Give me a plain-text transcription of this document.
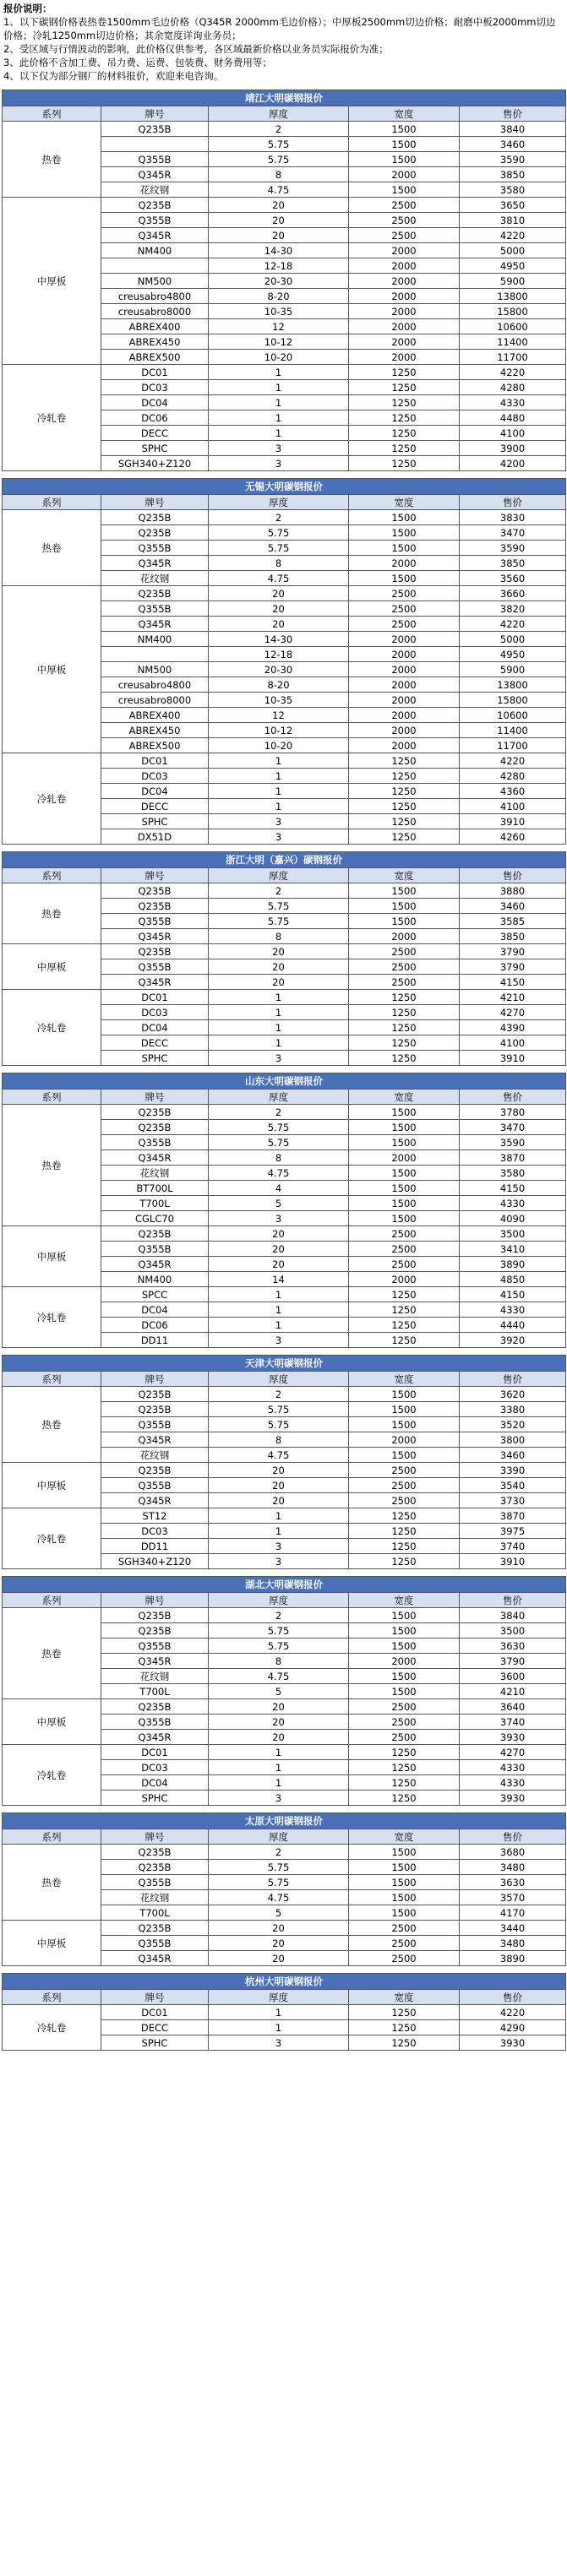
报价说明：

1、以下碳钢价格表热卷1500mm毛边价格（Q345R 2000mm毛边价格）；中厚板2500mm切边价格；耐磨中板2000mm切边价格；冷轧1250mm切边价格；其余宽度详询业务员；

2、受区域与行情波动的影响，此价格仅供参考，各区域最新价格以业务员实际报价为准；

3、此价格不含加工费、吊力费、运费、包装费、财务费用等；

4、以下仅为部分钢厂的材料报价，欢迎来电咨询。

靖江大明碳钢报价				
系列	牌号	厚度	宽度	售价
热卷	Q235B	2	1500	3840
		5.75	1500	3460
	Q355B	5.75	1500	3590
	Q345R	8	2000	3850
	花纹钢	4.75	1500	3580
中厚板	Q235B	20	2500	3650
	Q355B	20	2500	3810
	Q345R	20	2500	4220
	NM400	14-30	2000	5000
		12-18	2000	4950
	NM500	20-30	2000	5900
	creusabro4800	8-20	2000	13800
	creusabro8000	10-35	2000	15800
	ABREX400	12	2000	10600
	ABREX450	10-12	2000	11400
	ABREX500	10-20	2000	11700
冷轧卷	DC01	1	1250	4220
	DC03	1	1250	4280
	DC04	1	1250	4330
	DC06	1	1250	4480
	DECC	1	1250	4100
	SPHC	3	1250	3900
	SGH340+Z120	3	1250	4200
无锡大明碳钢报价				
系列	牌号	厚度	宽度	售价
热卷	Q235B	2	1500	3830
	Q235B	5.75	1500	3470
	Q355B	5.75	1500	3590
	Q345R	8	2000	3850
	花纹钢	4.75	1500	3560
中厚板	Q235B	20	2500	3660
	Q355B	20	2500	3820
	Q345R	20	2500	4220
	NM400	14-30	2000	5000
		12-18	2000	4950
	NM500	20-30	2000	5900
	creusabro4800	8-20	2000	13800
	creusabro8000	10-35	2000	15800
	ABREX400	12	2000	10600
	ABREX450	10-12	2000	11400
	ABREX500	10-20	2000	11700
冷轧卷	DC01	1	1250	4220
	DC03	1	1250	4280
	DC04	1	1250	4360
	DECC	1	1250	4100
	SPHC	3	1250	3910
	DX51D	3	1250	4260
浙江大明（嘉兴）碳钢报价				
系列	牌号	厚度	宽度	售价
热卷	Q235B	2	1500	3880
	Q235B	5.75	1500	3460
	Q355B	5.75	1500	3585
	Q345R	8	2000	3850
中厚板	Q235B	20	2500	3790
	Q355B	20	2500	3790
	Q345R	20	2500	4150
冷轧卷	DC01	1	1250	4210
	DC03	1	1250	4270
	DC04	1	1250	4390
	DECC	1	1250	4100
	SPHC	3	1250	3910
山东大明碳钢报价				
系列	牌号	厚度	宽度	售价
热卷	Q235B	2	1500	3780
	Q235B	5.75	1500	3470
	Q355B	5.75	1500	3590
	Q345R	8	2000	3870
	花纹钢	4.75	1500	3580
	BT700L	4	1500	4150
	T700L	5	1500	4330
	CGLC70	3	1500	4090
中厚板	Q235B	20	2500	3500
	Q355B	20	2500	3410
	Q345R	20	2500	3890
	NM400	14	2000	4850
冷轧卷	SPCC	1	1250	4150
	DC04	1	1250	4330
	DC06	1	1250	4440
	DD11	3	1250	3920
天津大明碳钢报价				
系列	牌号	厚度	宽度	售价
热卷	Q235B	2	1500	3620
	Q235B	5.75	1500	3380
	Q355B	5.75	1500	3520
	Q345R	8	2000	3800
	花纹钢	4.75	1500	3460
中厚板	Q235B	20	2500	3390
	Q355B	20	2500	3540
	Q345R	20	2500	3730
冷轧卷	ST12	1	1250	3870
	DC03	1	1250	3975
	DD11	3	1250	3740
	SGH340+Z120	3	1250	3910
湖北大明碳钢报价				
系列	牌号	厚度	宽度	售价
热卷	Q235B	2	1500	3840
	Q235B	5.75	1500	3500
	Q355B	5.75	1500	3630
	Q345R	8	2000	3790
	花纹钢	4.75	1500	3600
	T700L	5	1500	4210
中厚板	Q235B	20	2500	3640
	Q355B	20	2500	3740
	Q345R	20	2500	3930
冷轧卷	DC01	1	1250	4270
	DC03	1	1250	4330
	DC04	1	1250	4330
	SPHC	3	1250	3930
太原大明碳钢报价				
系列	牌号	厚度	宽度	售价
热卷	Q235B	2	1500	3680
	Q235B	5.75	1500	3480
	Q355B	5.75	1500	3630
	花纹钢	4.75	1500	3570
	T700L	5	1500	4170
中厚板	Q235B	20	2500	3440
	Q355B	20	2500	3480
	Q345R	20	2500	3890
杭州大明碳钢报价				
系列	牌号	厚度	宽度	售价
冷轧卷	DC01	1	1250	4220
	DECC	1	1250	4290
	SPHC	3	1250	3930
